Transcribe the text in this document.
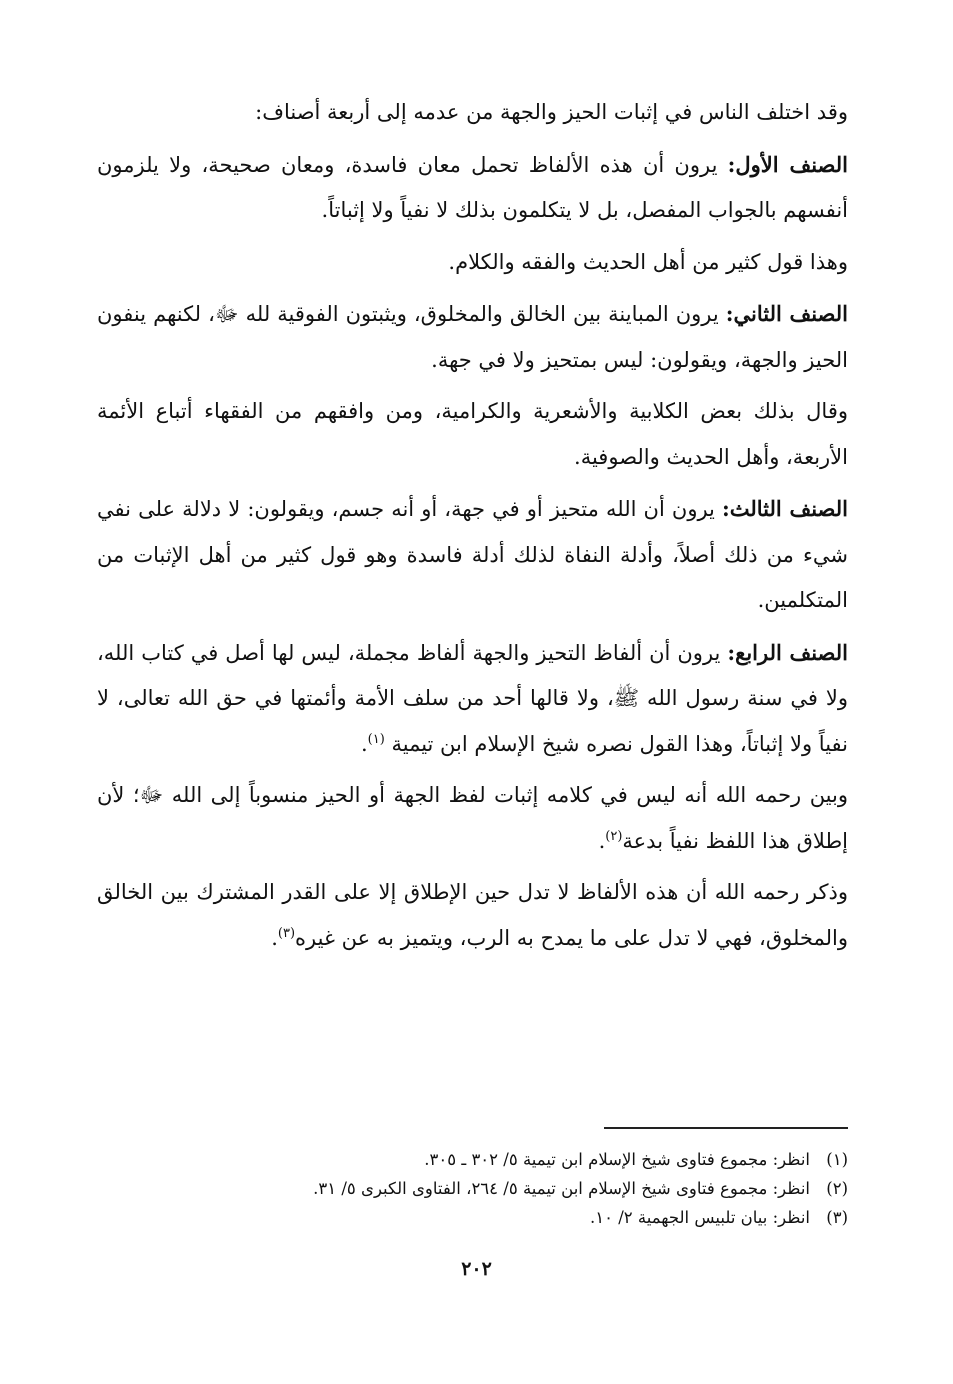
وقد اختلف الناس في إثبات الحيز والجهة من عدمه إلى أربعة أصناف:

الصنف الأول: يرون أن هذه الألفاظ تحمل معان فاسدة، ومعان صحيحة، ولا يلزمون أنفسهم بالجواب المفصل، بل لا يتكلمون بذلك لا نفياً ولا إثباتاً.

وهذا قول كثير من أهل الحديث والفقه والكلام.

الصنف الثاني: يرون المباينة بين الخالق والمخلوق، ويثبتون الفوقية لله ﷻ، لكنهم ينفون الحيز والجهة، ويقولون: ليس بمتحيز ولا في جهة.

وقال بذلك بعض الكلابية والأشعرية والكرامية، ومن وافقهم من الفقهاء أتباع الأئمة الأربعة، وأهل الحديث والصوفية.

الصنف الثالث: يرون أن الله متحيز أو في جهة، أو أنه جسم، ويقولون: لا دلالة على نفي شيء من ذلك أصلاً، وأدلة النفاة لذلك أدلة فاسدة وهو قول كثير من أهل الإثبات من المتكلمين.

الصنف الرابع: يرون أن ألفاظ التحيز والجهة ألفاظ مجملة، ليس لها أصل في كتاب الله، ولا في سنة رسول الله ﷺ، ولا قالها أحد من سلف الأمة وأئمتها في حق الله تعالى، لا نفياً ولا إثباتاً، وهذا القول نصره شيخ الإسلام ابن تيمية $^{(١)}$.

وبين رحمه الله أنه ليس في كلامه إثبات لفظ الجهة أو الحيز منسوباً إلى الله ﷻ؛ لأن إطلاق هذا اللفظ نفياً بدعة$^{(٢)}$.

وذكر رحمه الله أن هذه الألفاظ لا تدل حين الإطلاق إلا على القدر المشترك بين الخالق والمخلوق، فهي لا تدل على ما يمدح به الرب، ويتميز به عن غيره$^{(٣)}$.

(١)انظر: مجموع فتاوى شيخ الإسلام ابن تيمية ٥/ ٣٠٢ ـ ٣٠٥.

(٢)انظر: مجموع فتاوى شيخ الإسلام ابن تيمية ٥/ ٢٦٤، الفتاوى الكبرى ٥/ ٣١.

(٣)انظر: بيان تلبيس الجهمية ٢/ ١٠.

٢٠٢
